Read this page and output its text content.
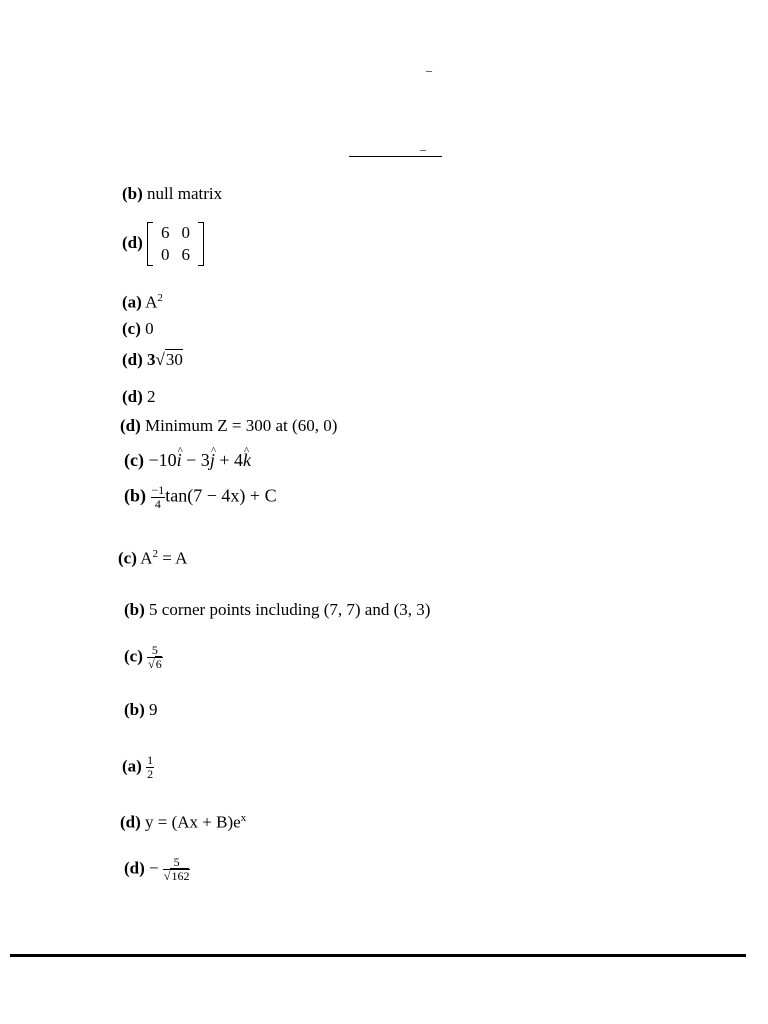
–
–
(b) null matrix
(d)
6	0
0	6
(a) $A^2$
(c) 0
(d) 3√30
(d) 2
(d) Minimum Z = 300 at (60, 0)
(c) −10^ i − 3^ j + 4^ k
$(b) \frac{-1}{4} \tan(7 - 4x) + C$
(c) $A^2 = A$
(b) 5 corner points including (7, 7) and (3, 3)
$(c) \frac{5}{√6}$
(b) 9
$(a) \frac{1}{2}$
(d) $y = (Ax + B)e^x$
$(d) - \frac{5}{√162}$
